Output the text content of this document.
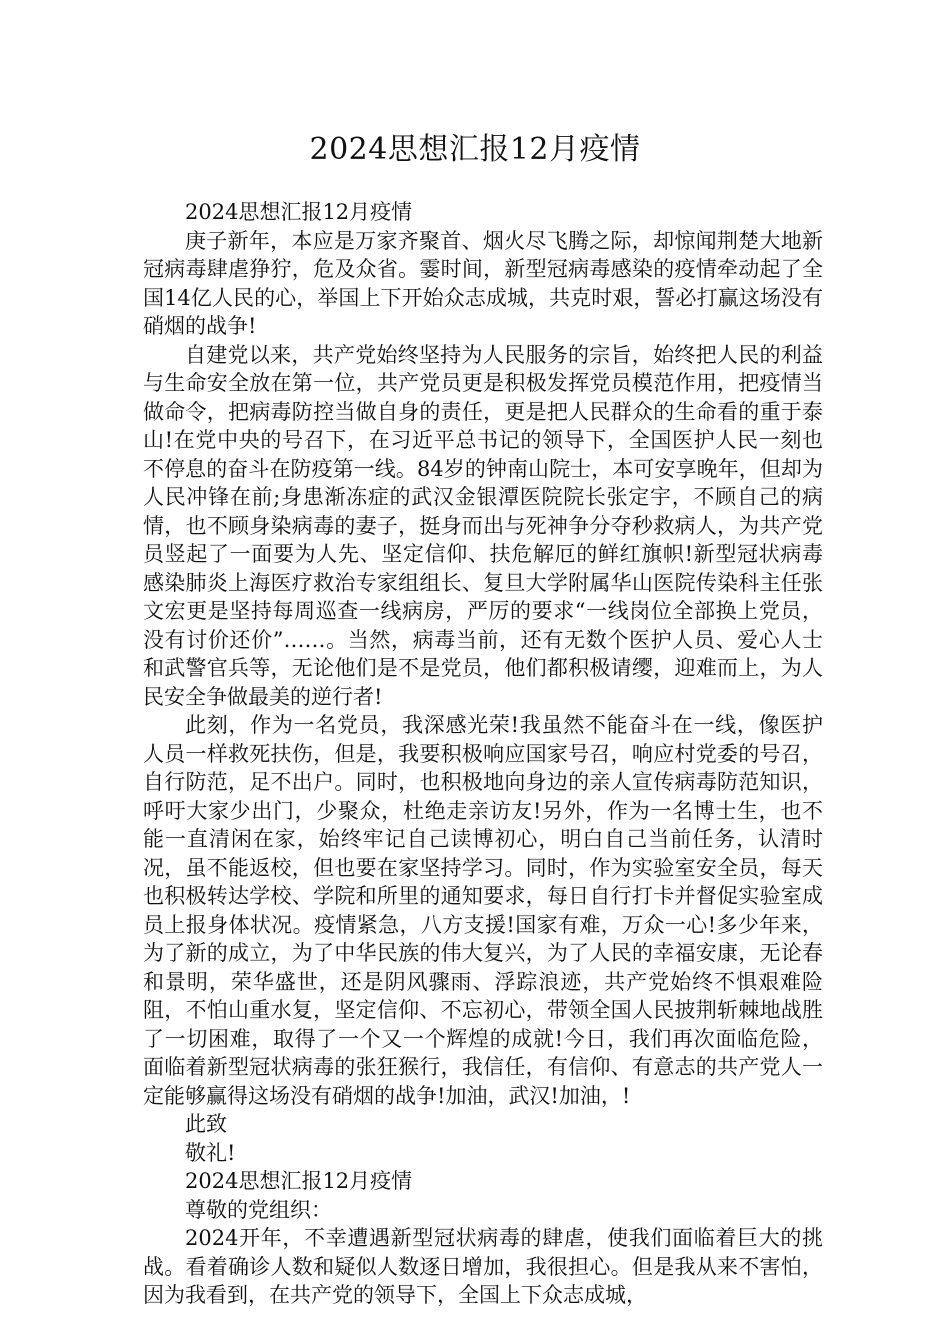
2024思想汇报12月疫情

2024思想汇报12月疫情

庚子新年，本应是万家齐聚首、烟火尽飞腾之际，却惊闻荆楚大地新冠病毒肆虐狰狞，危及众省。霎时间，新型冠病毒感染的疫情牵动起了全国14亿人民的心，举国上下开始众志成城，共克时艰，誓必打赢这场没有硝烟的战争!

自建党以来，共产党始终坚持为人民服务的宗旨，始终把人民的利益与生命安全放在第一位，共产党员更是积极发挥党员模范作用，把疫情当做命令，把病毒防控当做自身的责任，更是把人民群众的生命看的重于泰山!在党中央的号召下，在习近平总书记的领导下，全国医护人民一刻也不停息的奋斗在防疫第一线。84岁的钟南山院士，本可安享晚年，但却为人民冲锋在前;身患渐冻症的武汉金银潭医院院长张定宇，不顾自己的病情，也不顾身染病毒的妻子，挺身而出与死神争分夺秒救病人，为共产党员竖起了一面要为人先、坚定信仰、扶危解厄的鲜红旗帜!新型冠状病毒感染肺炎上海医疗救治专家组组长、复旦大学附属华山医院传染科主任张文宏更是坚持每周巡查一线病房，严厉的要求“一线岗位全部换上党员，没有讨价还价”……。当然，病毒当前，还有无数个医护人员、爱心人士和武警官兵等，无论他们是不是党员，他们都积极请缨，迎难而上，为人民安全争做最美的逆行者!

此刻，作为一名党员，我深感光荣!我虽然不能奋斗在一线，像医护人员一样救死扶伤，但是，我要积极响应国家号召，响应村党委的号召，自行防范，足不出户。同时，也积极地向身边的亲人宣传病毒防范知识，呼吁大家少出门，少聚众，杜绝走亲访友!另外，作为一名博士生，也不能一直清闲在家，始终牢记自己读博初心，明白自己当前任务，认清时况，虽不能返校，但也要在家坚持学习。同时，作为实验室安全员，每天也积极转达学校、学院和所里的通知要求，每日自行打卡并督促实验室成员上报身体状况。疫情紧急，八方支援!国家有难，万众一心!多少年来，为了新的成立，为了中华民族的伟大复兴，为了人民的幸福安康，无论春和景明，荣华盛世，还是阴风骤雨、浮踪浪迹，共产党始终不惧艰难险阻，不怕山重水复，坚定信仰、不忘初心，带领全国人民披荆斩棘地战胜了一切困难，取得了一个又一个辉煌的成就!今日，我们再次面临危险，面临着新型冠状病毒的张狂猴行，我信任，有信仰、有意志的共产党人一定能够赢得这场没有硝烟的战争!加油，武汉!加油，!

此致

敬礼!

2024思想汇报12月疫情

尊敬的党组织：

2024开年，不幸遭遇新型冠状病毒的肆虐，使我们面临着巨大的挑战。看着确诊人数和疑似人数逐日增加，我很担心。但是我从来不害怕，因为我看到，在共产党的领导下，全国上下众志成城，
